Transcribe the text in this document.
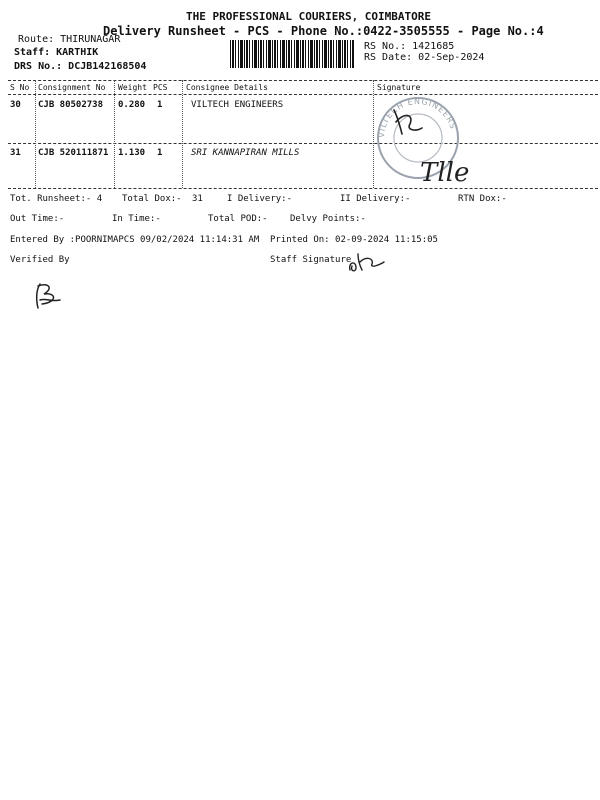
THE PROFESSIONAL COURIERS, COIMBATORE
Delivery Runsheet - PCS - Phone No.:0422-3505555 - Page No.:4
Route: THIRUNAGAR
Staff: KARTHIK
DRS No.: DCJB142168504
RS No.: 1421685
RS Date: 02-Sep-2024
S No Consignment No Weight PCS Consignee Details	Signature
30 CJB 80502738 0.280 1	VILTECH ENGINEERS
31 CJB 520111871 1.130 1	SRI KANNAPIRAN MILLS
VILTECH ENGINEERS
Tlle
Tot. Runsheet:- 4 Total Dox:- 31	I Delivery:-	II Delivery:-	RTN Dox:-
Out Time:-	In Time:-	Total POD:- Delvy Points:-
Entered By :POORNIMAPCS 09/02/2024 11:14:31 AM Printed On: 02-09-2024 11:15:05
Verified By	Staff Signature
